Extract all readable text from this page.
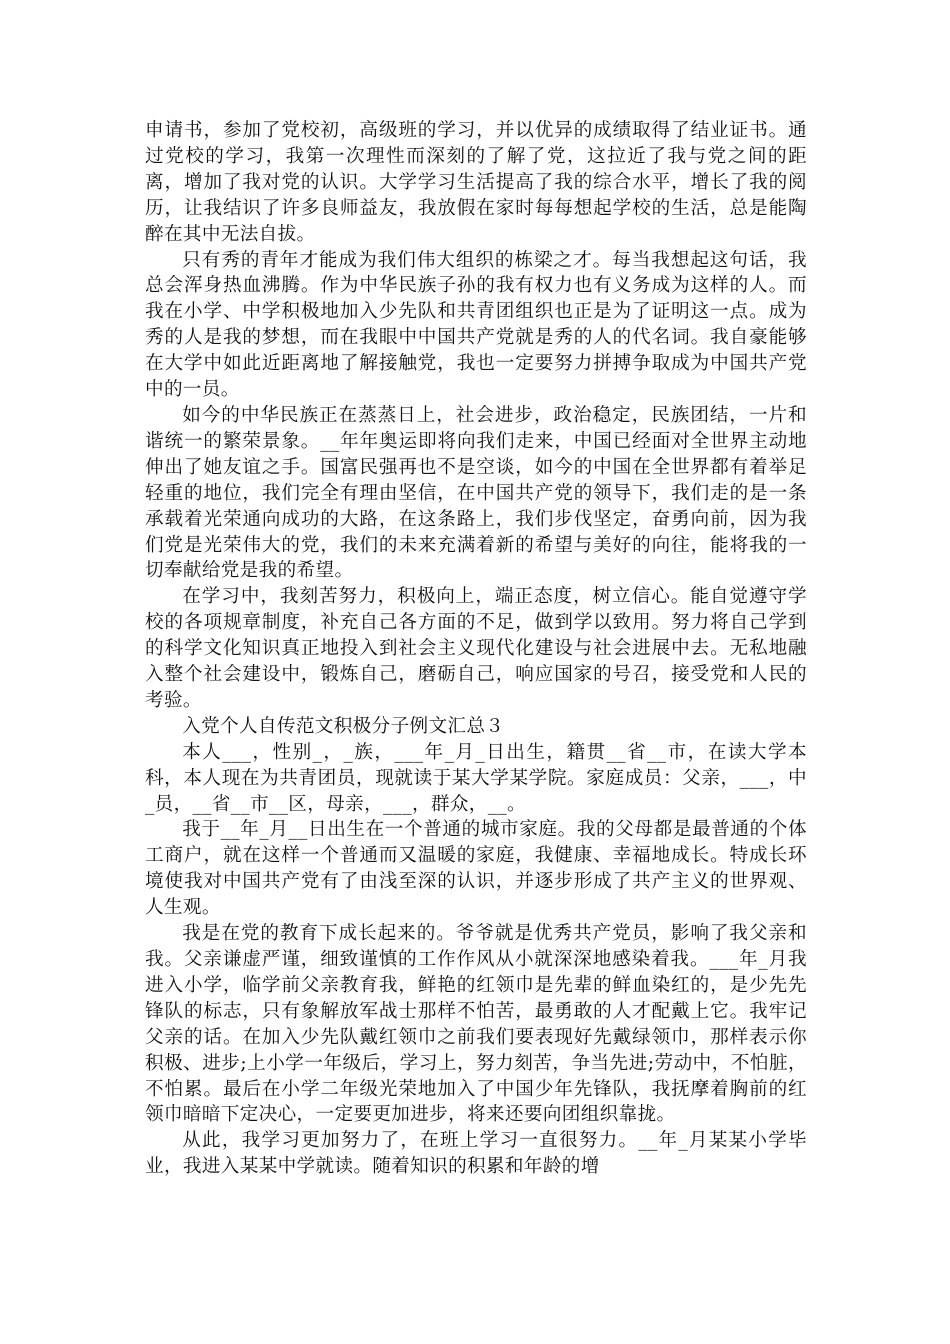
申请书，参加了党校初，高级班的学习，并以优异的成绩取得了结业证书。通过党校的学习，我第一次理性而深刻的了解了党，这拉近了我与党之间的距离，增加了我对党的认识。大学学习生活提高了我的综合水平，增长了我的阅历，让我结识了许多良师益友，我放假在家时每每想起学校的生活，总是能陶醉在其中无法自拔。

只有秀的青年才能成为我们伟大组织的栋梁之才。每当我想起这句话，我总会浑身热血沸腾。作为中华民族子孙的我有权力也有义务成为这样的人。而我在小学、中学积极地加入少先队和共青团组织也正是为了证明这一点。成为秀的人是我的梦想，而在我眼中中国共产党就是秀的人的代名词。我自豪能够在大学中如此近距离地了解接触党，我也一定要努力拼搏争取成为中国共产党中的一员。

如今的中华民族正在蒸蒸日上，社会进步，政治稳定，民族团结，一片和谐统一的繁荣景象。__年年奥运即将向我们走来，中国已经面对全世界主动地伸出了她友谊之手。国富民强再也不是空谈，如今的中国在全世界都有着举足轻重的地位，我们完全有理由坚信，在中国共产党的领导下，我们走的是一条承载着光荣通向成功的大路，在这条路上，我们步伐坚定，奋勇向前，因为我们党是光荣伟大的党，我们的未来充满着新的希望与美好的向往，能将我的一切奉献给党是我的希望。

在学习中，我刻苦努力，积极向上，端正态度，树立信心。能自觉遵守学校的各项规章制度，补充自己各方面的不足，做到学以致用。努力将自己学到的科学文化知识真正地投入到社会主义现代化建设与社会进展中去。无私地融入整个社会建设中，锻炼自己，磨砺自己，响应国家的号召，接受党和人民的考验。

入党个人自传范文积极分子例文汇总３

本人___，性别_，_族，___年_月_日出生，籍贯__省__市，在读大学本科，本人现在为共青团员，现就读于某大学某学院。家庭成员：父亲，___，中_员，__省__市__区，母亲，___，群众，__。

我于__年_月__日出生在一个普通的城市家庭。我的父母都是最普通的个体工商户，就在这样一个普通而又温暖的家庭，我健康、幸福地成长。特成长环境使我对中国共产党有了由浅至深的认识，并逐步形成了共产主义的世界观、人生观。

我是在党的教育下成长起来的。爷爷就是优秀共产党员，影响了我父亲和我。父亲谦虚严谨，细致谨慎的工作作风从小就深深地感染着我。___年_月我进入小学，临学前父亲教育我，鲜艳的红领巾是先辈的鲜血染红的，是少先先锋队的标志，只有象解放军战士那样不怕苦，最勇敢的人才配戴上它。我牢记父亲的话。在加入少先队戴红领巾之前我们要表现好先戴绿领巾，那样表示你积极、进步;上小学一年级后，学习上，努力刻苦，争当先进;劳动中，不怕脏，不怕累。最后在小学二年级光荣地加入了中国少年先锋队，我抚摩着胸前的红领巾暗暗下定决心，一定要更加进步，将来还要向团组织靠拢。

从此，我学习更加努力了，在班上学习一直很努力。__年_月某某小学毕业，我进入某某中学就读。随着知识的积累和年龄的增
